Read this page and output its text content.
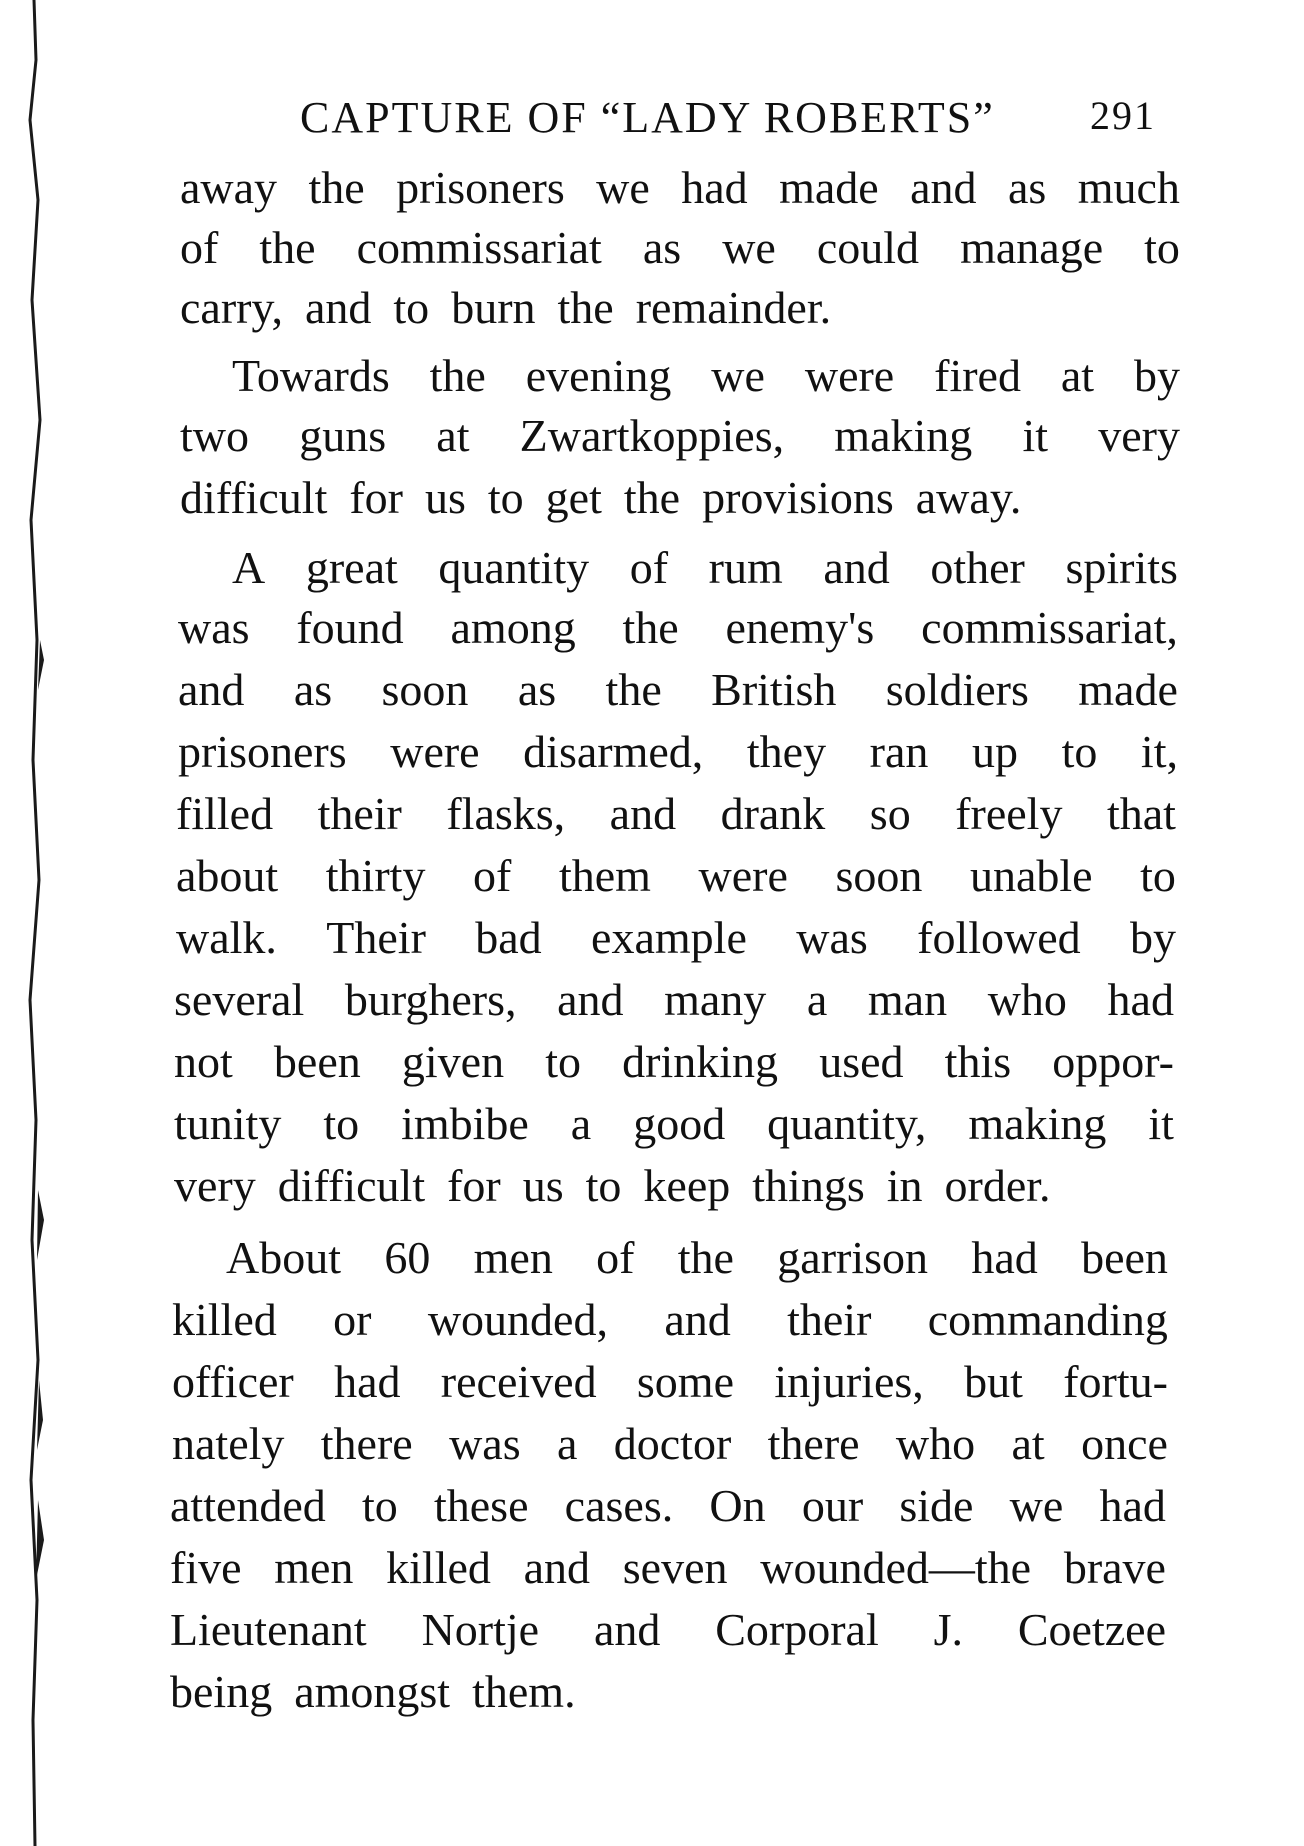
CAPTURE OF “LADY ROBERTS” 291
away the prisoners we had made and as much
of the commissariat as we could manage to
carry, and to burn the remainder.
Towards the evening we were fired at by
two guns at Zwartkoppies, making it very
difficult for us to get the provisions away.
A great quantity of rum and other spirits
was found among the enemy's commissariat,
and as soon as the British soldiers made
prisoners were disarmed, they ran up to it,
filled their flasks, and drank so freely that
about thirty of them were soon unable to
walk. Their bad example was followed by
several burghers, and many a man who had
not been given to drinking used this oppor-
tunity to imbibe a good quantity, making it
very difficult for us to keep things in order.
About 60 men of the garrison had been
killed or wounded, and their commanding
officer had received some injuries, but fortu-
nately there was a doctor there who at once
attended to these cases. On our side we had
five men killed and seven wounded—the brave
Lieutenant Nortje and Corporal J. Coetzee
being amongst them.
